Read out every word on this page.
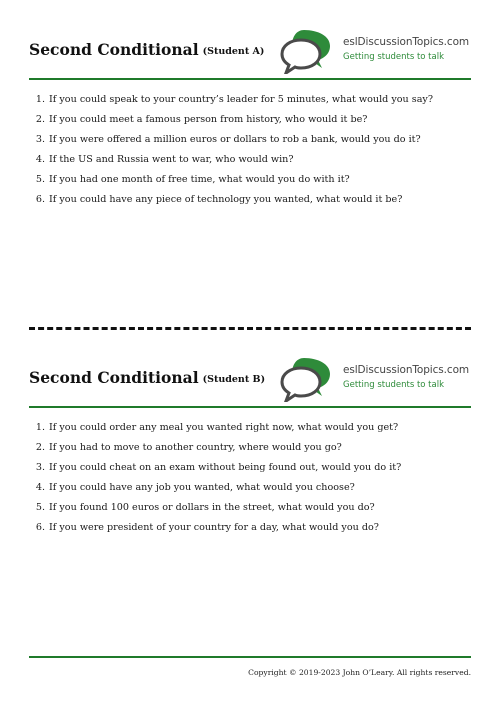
Second Conditional (Student A)
eslDiscussionTopics.com
Getting students to talk
1. If you could speak to your country’s leader for 5 minutes, what would you say?
2. If you could meet a famous person from history, who would it be?
3. If you were offered a million euros or dollars to rob a bank, would you do it?
4. If the US and Russia went to war, who would win?
5. If you had one month of free time, what would you do with it?
6. If you could have any piece of technology you wanted, what would it be?
Second Conditional (Student B)
eslDiscussionTopics.com
Getting students to talk
1. If you could order any meal you wanted right now, what would you get?
2. If you had to move to another country, where would you go?
3. If you could cheat on an exam without being found out, would you do it?
4. If you could have any job you wanted, what would you choose?
5. If you found 100 euros or dollars in the street, what would you do?
6. If you were president of your country for a day, what would you do?
Copyright © 2019-2023 John O’Leary. All rights reserved.
